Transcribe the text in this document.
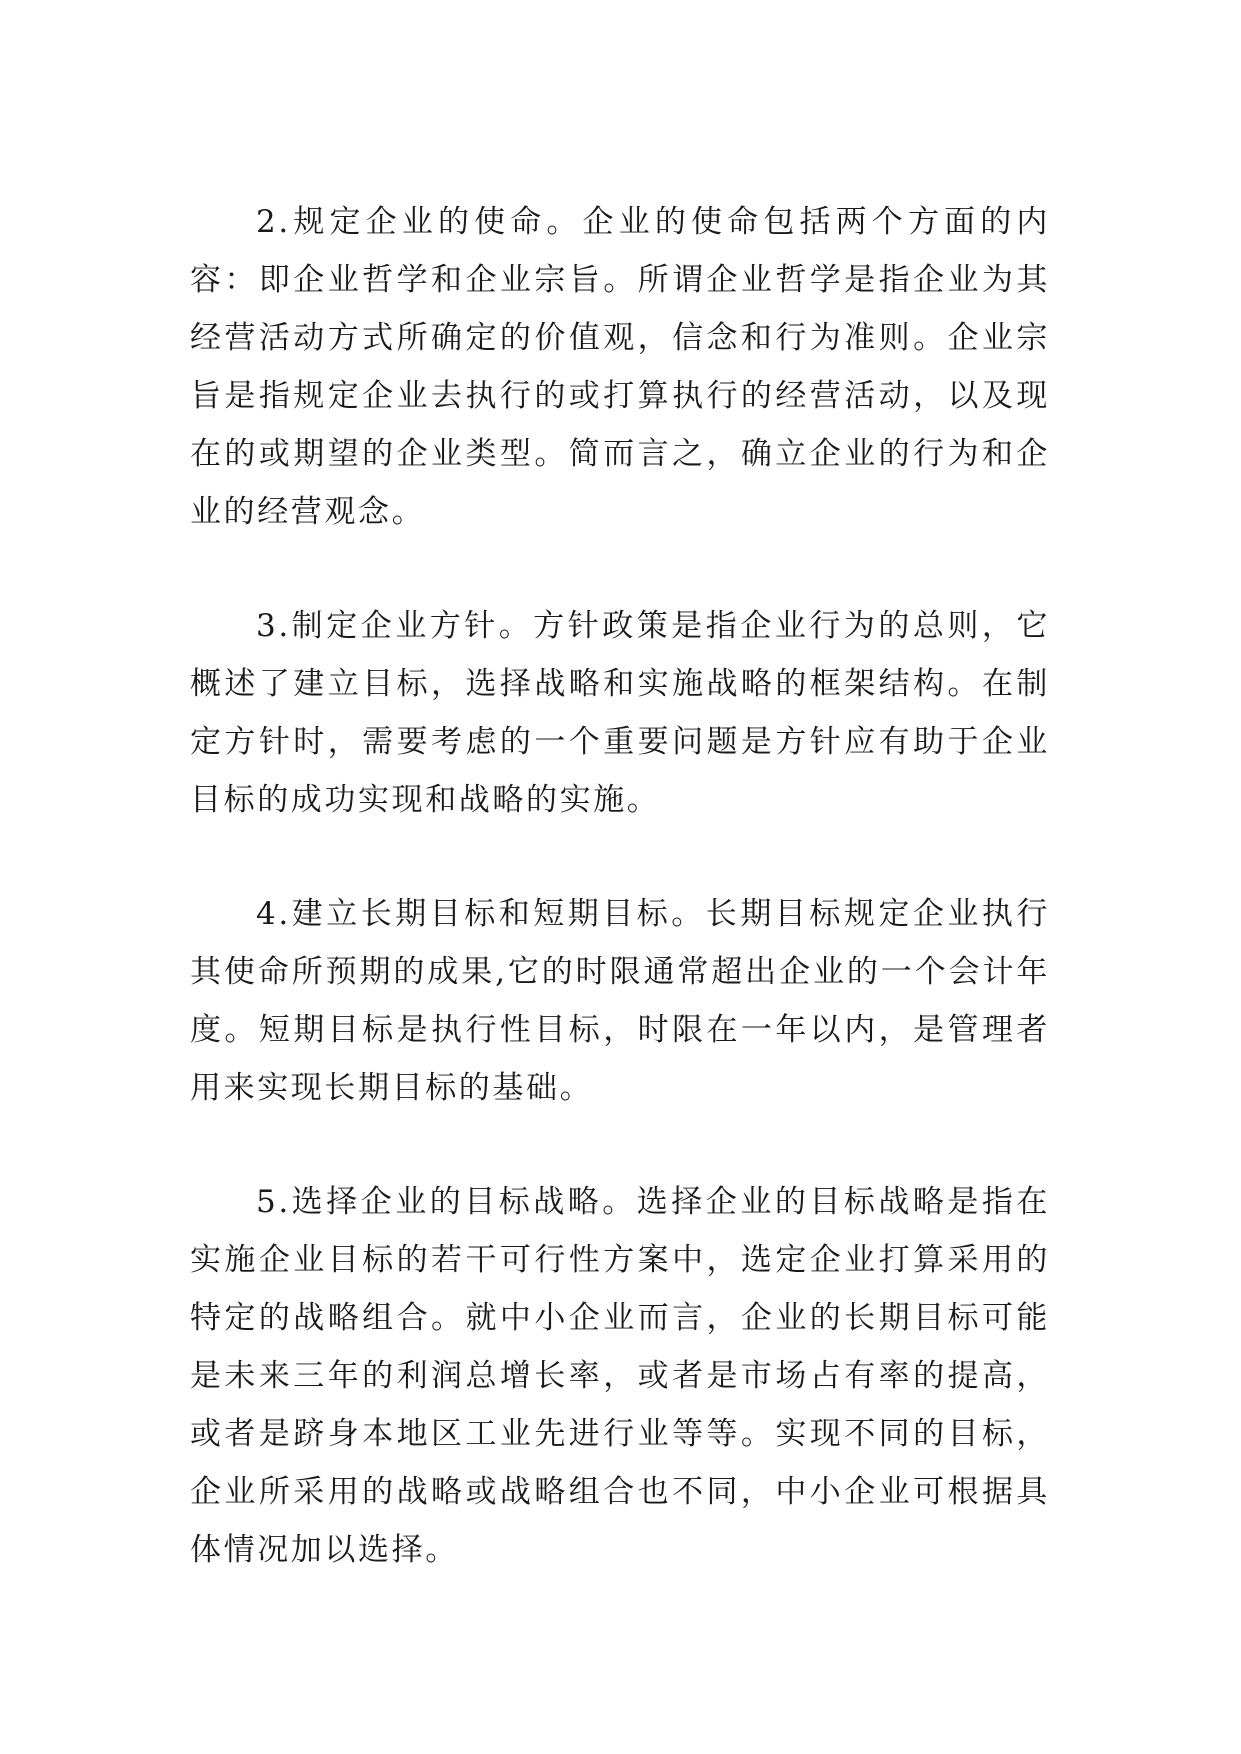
2.规定企业的使命。企业的使命包括两个方面的内容：即企业哲学和企业宗旨。所谓企业哲学是指企业为其经营活动方式所确定的价值观，信念和行为准则。企业宗旨是指规定企业去执行的或打算执行的经营活动，以及现在的或期望的企业类型。简而言之，确立企业的行为和企业的经营观念。

3.制定企业方针。方针政策是指企业行为的总则，它概述了建立目标，选择战略和实施战略的框架结构。在制定方针时，需要考虑的一个重要问题是方针应有助于企业目标的成功实现和战略的实施。

4.建立长期目标和短期目标。长期目标规定企业执行其使命所预期的成果,它的时限通常超出企业的一个会计年度。短期目标是执行性目标，时限在一年以内，是管理者用来实现长期目标的基础。

5.选择企业的目标战略。选择企业的目标战略是指在实施企业目标的若干可行性方案中，选定企业打算采用的特定的战略组合。就中小企业而言，企业的长期目标可能是未来三年的利润总增长率，或者是市场占有率的提高，或者是跻身本地区工业先进行业等等。实现不同的目标，企业所采用的战略或战略组合也不同，中小企业可根据具体情况加以选择。
